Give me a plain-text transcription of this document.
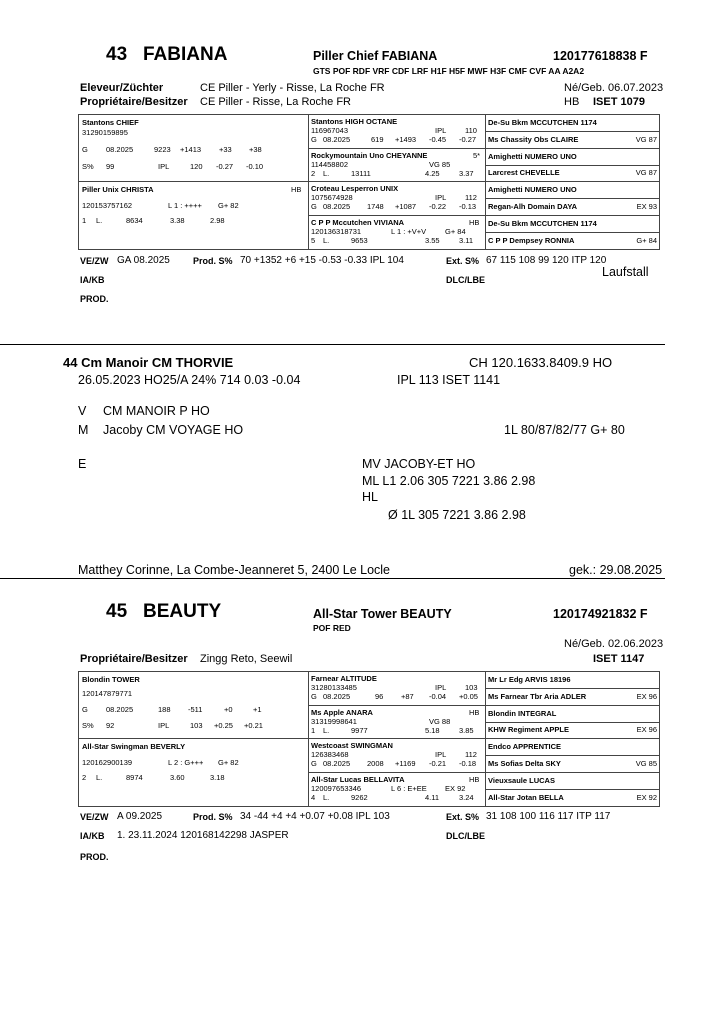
43 FABIANA	Piller Chief FABIANA	120177618838 F
GTS POF RDF VRF CDF LRF H1F H5F MWF H3F CMF CVF AA A2A2
Eleveur/Züchter	CE Piller - Yerly - Risse, La Roche FR	Né/Geb. 06.07.2023
Propriétaire/Besitzer CE Piller - Risse, La Roche FR	HB ISET 1079
Stantons CHIEF
31290159895
G 08.2025	9223 +1413 +33 +38
S% 99	IPL	120 -0.27 -0.10
Piller Unix CHRISTA	HB
120153757162	L 1 : ++++ G+ 82
1 L.	8634	3.38	2.98
Stantons HIGH OCTANE
116967043	IPL 110
G 08.2025	619 +1493 -0.45 -0.27
Rockymountain Uno CHEYANNE	5*
114458802	VG 85
2 L.	13111	4.25	3.37
Croteau Lesperron UNIX
1075674928	IPL 112
G 08.2025 1748 +1087 -0.22 -0.13
C P P Mccutchen VIVIANA	HB
120136318731	L 1 : +V+V	G+ 84
5 L.	9653	3.55	3.11
De-Su Bkm MCCUTCHEN 1174
Ms Chassity Obs CLAIRE	VG 87
Amighetti NUMERO UNO
Larcrest CHEVELLE	VG 87
Amighetti NUMERO UNO
Regan-Alh Domain DAYA	EX 93
De-Su Bkm MCCUTCHEN 1174
C P P Dempsey RONNIA	G+ 84
VE/ZW GA 08.2025	Prod. S% 70 +1352 +6 +15 -0.53 -0.33 IPL 104	Ext. S% 67 115 108 99 120 ITP 120
Laufstall
IA/KB	DLC/LBE
PROD.
44 Cm Manoir CM THORVIE	CH 120.1633.8409.9 HO
26.05.2023 HO25/A 24% 714 0.03 -0.04	IPL 113 ISET 1141
V CM MANOIR P HO
M Jacoby CM VOYAGE HO	1L 80/87/82/77 G+ 80
E	MV JACOBY-ET HO
ML L1 2.06 305 7221 3.86 2.98
HL
Ø 1L 305 7221 3.86 2.98
Matthey Corinne, La Combe-Jeanneret 5, 2400 Le Locle	gek.: 29.08.2025
45 BEAUTY	All-Star Tower BEAUTY	120174921832 F
POF RED
Né/Geb. 02.06.2023
Propriétaire/Besitzer Zingg Reto, Seewil	ISET 1147
Blondin TOWER
120147879771
G 08.2025	188 -511	+0	+1
S% 92	IPL	103 +0.25 +0.21
All-Star Swingman BEVERLY
120162900139	L 2 : G+++ G+ 82
2 L.	8974	3.60	3.18
Farnear ALTITUDE
31280133485	IPL 103
G 08.2025	96 +87 -0.04 +0.05
Ms Apple ANARA	HB
31319998641	VG 88
1 L.	9977	5.18	3.85
Westcoast SWINGMAN
126383468	IPL 112
G 08.2025 2008 +1169 -0.21 -0.18
All-Star Lucas BELLAVITA	HB
120097653346	L 6 : E+EE EX 92
4 L.	9262	4.11	3.24
Mr Lr Edg ARVIS 18196
Ms Farnear Tbr Aria ADLER	EX 96
Blondin INTEGRAL
KHW Regiment APPLE	EX 96
Endco APPRENTICE
Ms Sofias Delta SKY	VG 85
Vieuxsaule LUCAS
All-Star Jotan BELLA	EX 92
VE/ZW A 09.2025	Prod. S% 34 -44 +4 +4 +0.07 +0.08 IPL 103	Ext. S% 31 108 100 116 117 ITP 117
IA/KB 1. 23.11.2024 120168142298 JASPER	DLC/LBE
PROD.
